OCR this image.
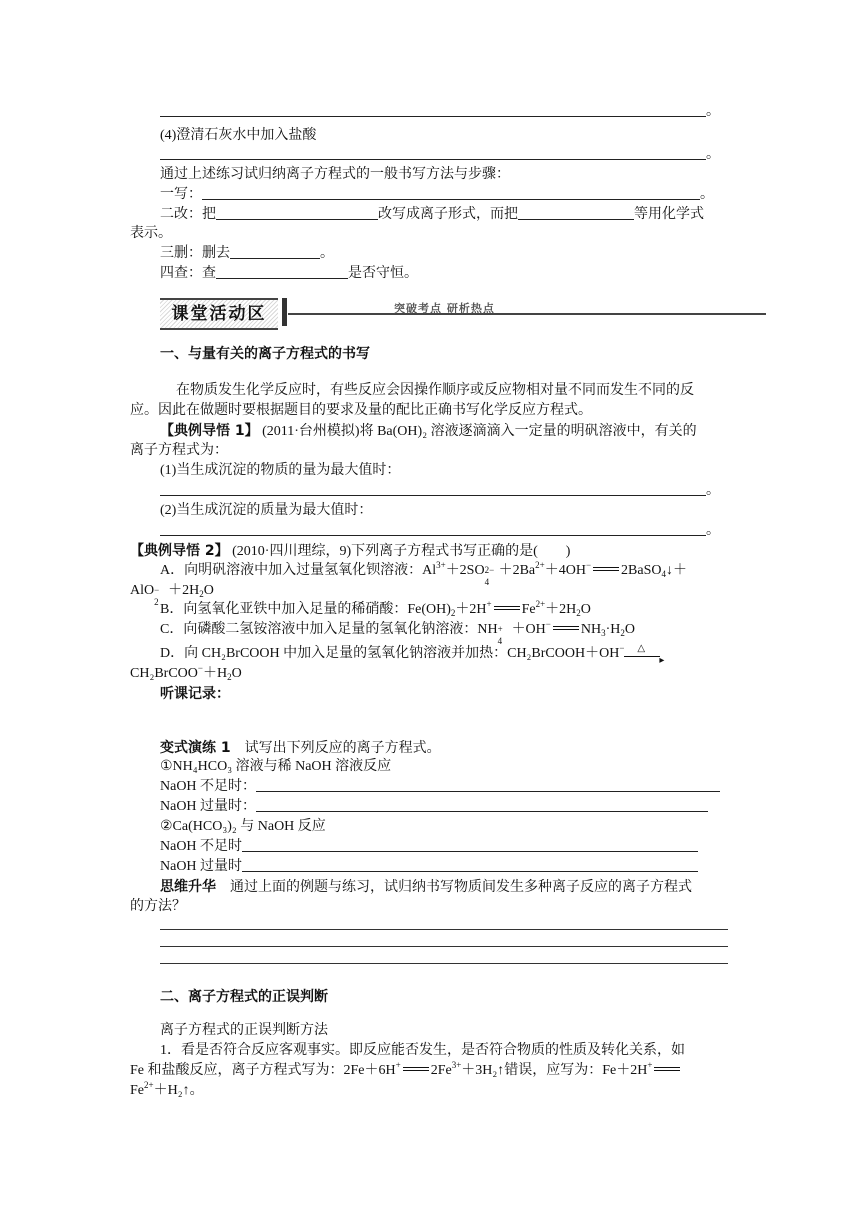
。
(4)澄清石灰水中加入盐酸
。
通过上述练习试归纳离子方程式的一般书写方法与步骤：
一写：	。
二改：把	改写成离子形式，而把	等用化学式
表示。
三删：删去	。
四查：查	是否守恒。
课堂活动区	突破考点 研析热点
一、与量有关的离子方程式的书写
在物质发生化学反应时，有些反应会因操作顺序或反应物相对量不同而发生不同的反
应。因此在做题时要根据题目的要求及量的配比正确书写化学反应方程式。
【典例导悟 1】 (2011·台州模拟)将 Ba(OH)₂ 溶液逐滴滴入一定量的明矾溶液中，有关的
离子方程式为：
(1)当生成沉淀的物质的量为最大值时：
。
(2)当生成沉淀的质量为最大值时：
。
【典例导悟 2】 (2010·四川理综，9)下列离子方程式书写正确的是(　　)
A．向明矾溶液中加入过量氢氧化钡溶液：$Al^{3+}+2SO$ 2−
4
$+2Ba^{2+}+4OH^-$ 2BaSO$_4$↓＋
AlO −
2
$+2H_2O$
B．向氢氧化亚铁中加入足量的稀硝酸：$Fe(OH)_2+2H^+$ $Fe^{2+}+2H_2O$
C．向磷酸二氢铵溶液中加入足量的氢氧化钠溶液：NH +
4
＋OH− $NH_3\cdot H_2O$
D．向 CH₂BrCOOH 中加入足量的氢氧化钠溶液并加热：CH₂BrCOOH＋OH− △
▸
$CH_2BrCOO^-+H_2O$
听课记录：
变式演练 1　试写出下列反应的离子方程式。
①NH₄HCO₃ 溶液与稀 NaOH 溶液反应
NaOH 不足时：
NaOH 过量时：
②Ca(HCO₃)₂ 与 NaOH 反应
NaOH 不足时
NaOH 过量时
思维升华　通过上面的例题与练习，试归纳书写物质间发生多种离子反应的离子方程式
的方法？
二、离子方程式的正误判断
离子方程式的正误判断方法
1．看是否符合反应客观事实。即反应能否发生，是否符合物质的性质及转化关系，如
Fe 和盐酸反应，离子方程式写为：2Fe＋6H+ $2Fe^{3+}+3H_2↑$错误，应写为：Fe＋2H+
$Fe^{2+}+H_2↑$。
